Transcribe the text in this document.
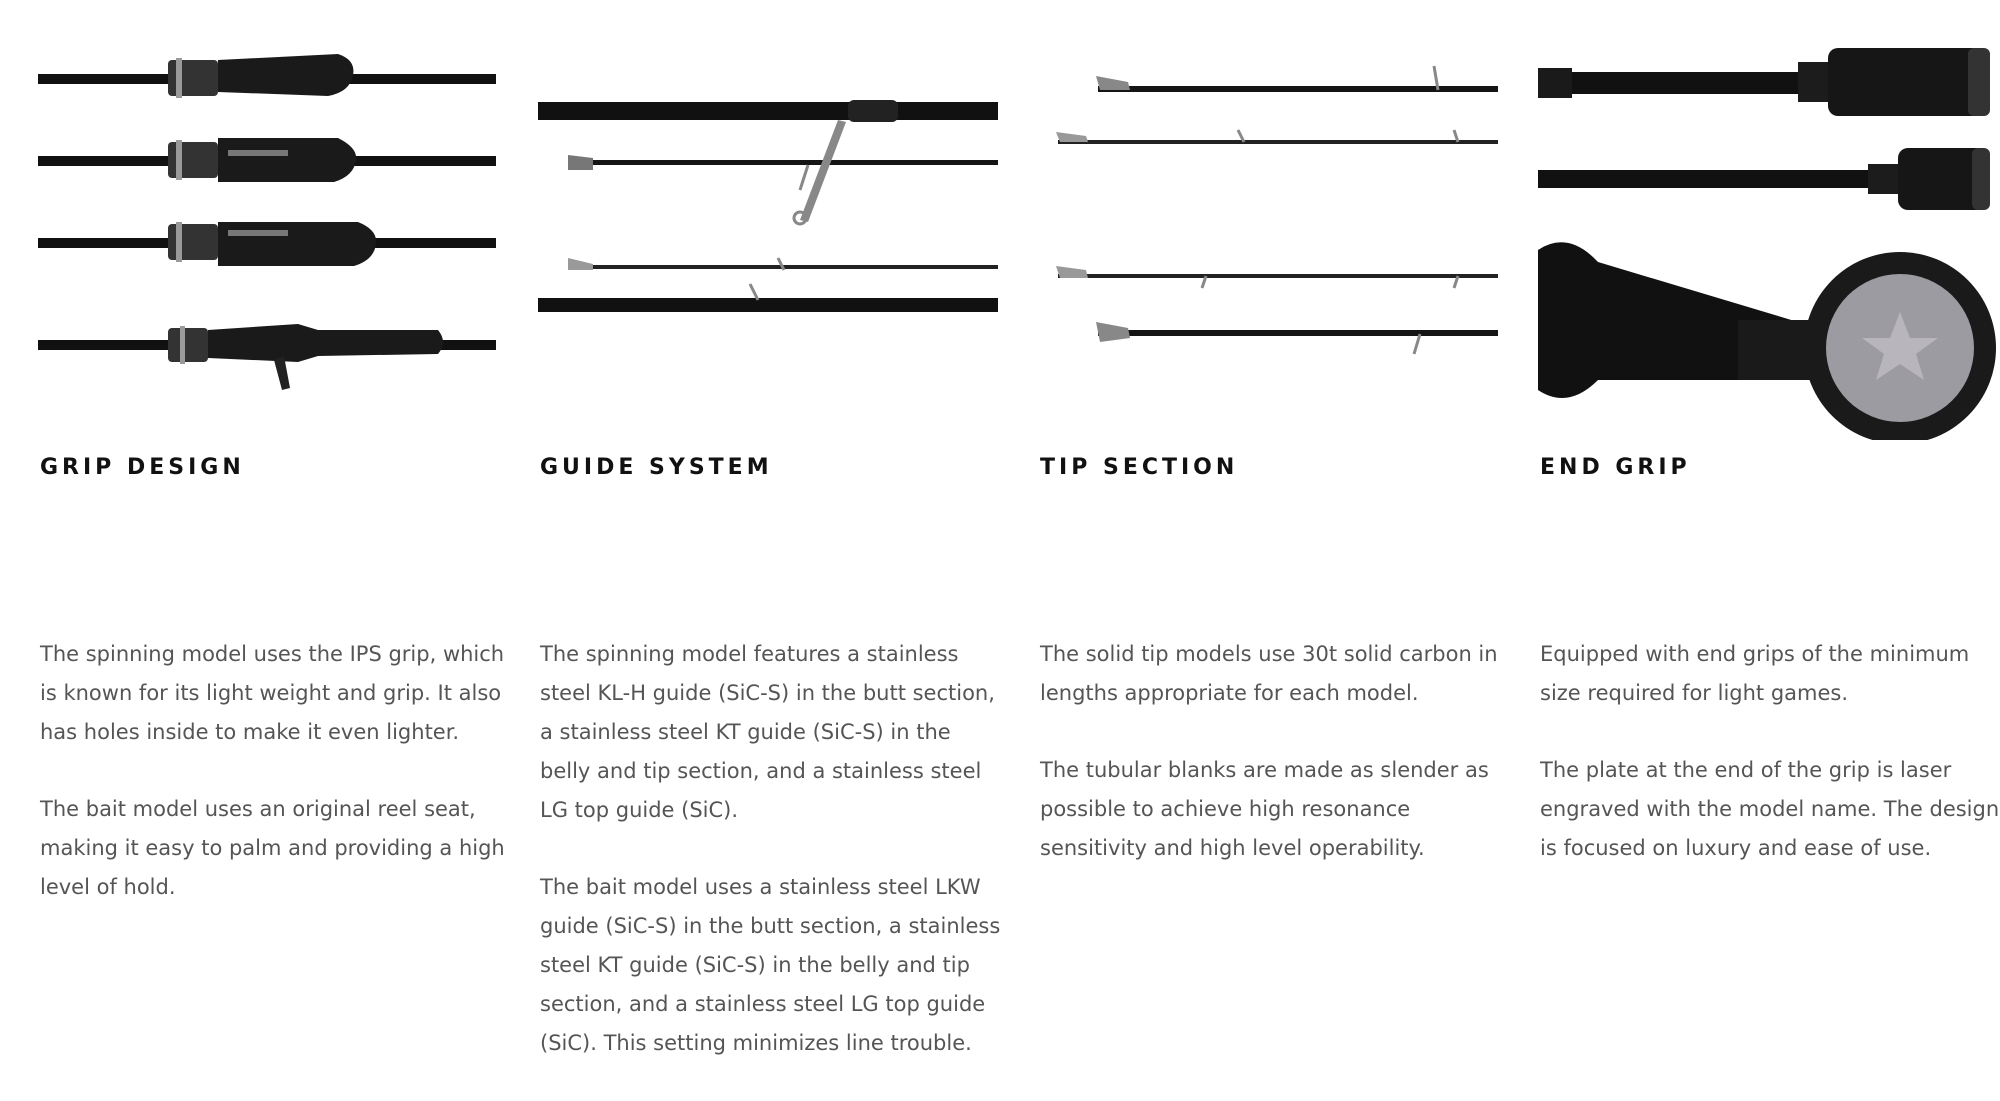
GRIP DESIGN

The spinning model uses the IPS grip, which is known for its light weight and grip. It also has holes inside to make it even lighter.

The bait model uses an original reel seat, making it easy to palm and providing a high level of hold.

GUIDE SYSTEM

The spinning model features a stainless steel KL-H guide (SiC-S) in the butt section, a stainless steel KT guide (SiC-S) in the belly and tip section, and a stainless steel LG top guide (SiC).

The bait model uses a stainless steel LKW guide (SiC-S) in the butt section, a stainless steel KT guide (SiC-S) in the belly and tip section, and a stainless steel LG top guide (SiC). This setting minimizes line trouble.

TIP SECTION

The solid tip models use 30t solid carbon in lengths appropriate for each model.

The tubular blanks are made as slender as possible to achieve high resonance sensitivity and high level operability.

END GRIP

Equipped with end grips of the minimum size required for light games.

The plate at the end of the grip is laser engraved with the model name. The design is focused on luxury and ease of use.
